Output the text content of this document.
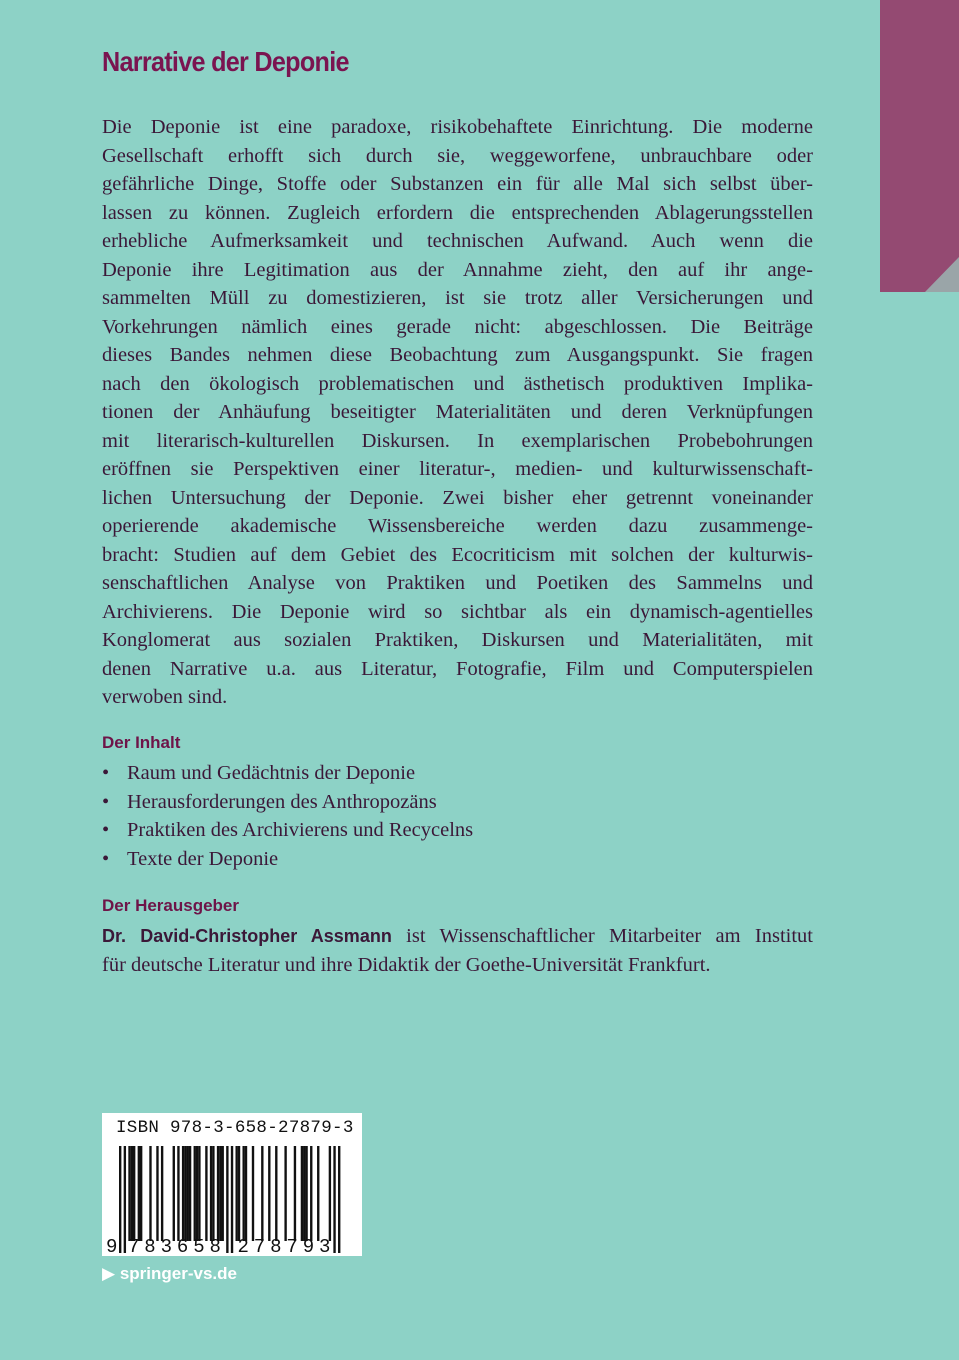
Narrative der Deponie
Die Deponie ist eine paradoxe, risikobehaftete Einrichtung. Die moderne
Gesellschaft erhofft sich durch sie, weggeworfene, unbrauchbare oder
gefährliche Dinge, Stoffe oder Substanzen ein für alle Mal sich selbst über-
lassen zu können. Zugleich erfordern die entsprechenden Ablagerungsstellen
erhebliche Aufmerksamkeit und technischen Aufwand. Auch wenn die
Deponie ihre Legitimation aus der Annahme zieht, den auf ihr ange-
sammelten Müll zu domestizieren, ist sie trotz aller Versicherungen und
Vorkehrungen nämlich eines gerade nicht: abgeschlossen. Die Beiträge
dieses Bandes nehmen diese Beobachtung zum Ausgangspunkt. Sie fragen
nach den ökologisch problematischen und ästhetisch produktiven Implika-
tionen der Anhäufung beseitigter Materialitäten und deren Verknüpfungen
mit literarisch-kulturellen Diskursen. In exemplarischen Probebohrungen
eröffnen sie Perspektiven einer literatur-, medien- und kulturwissenschaft-
lichen Untersuchung der Deponie. Zwei bisher eher getrennt voneinander
operierende akademische Wissensbereiche werden dazu zusammenge-
bracht: Studien auf dem Gebiet des Ecocriticism mit solchen der kulturwis-
senschaftlichen Analyse von Praktiken und Poetiken des Sammelns und
Archivierens. Die Deponie wird so sichtbar als ein dynamisch-agentielles
Konglomerat aus sozialen Praktiken, Diskursen und Materialitäten, mit
denen Narrative u.a. aus Literatur, Fotografie, Film und Computerspielen
verwoben sind.
Der Inhalt
• Raum und Gedächtnis der Deponie
• Herausforderungen des Anthropozäns
• Praktiken des Archivierens und Recycelns
• Texte der Deponie
Der Herausgeber
Dr. David-Christopher Assmann ist Wissenschaftlicher Mitarbeiter am Institut
für deutsche Literatur und ihre Didaktik der Goethe-Universität Frankfurt.
ISBN 978-3-658-27879-3
9 7 8 3 6 5 8 2 7 8 7 9 3
▶ springer-vs.de
